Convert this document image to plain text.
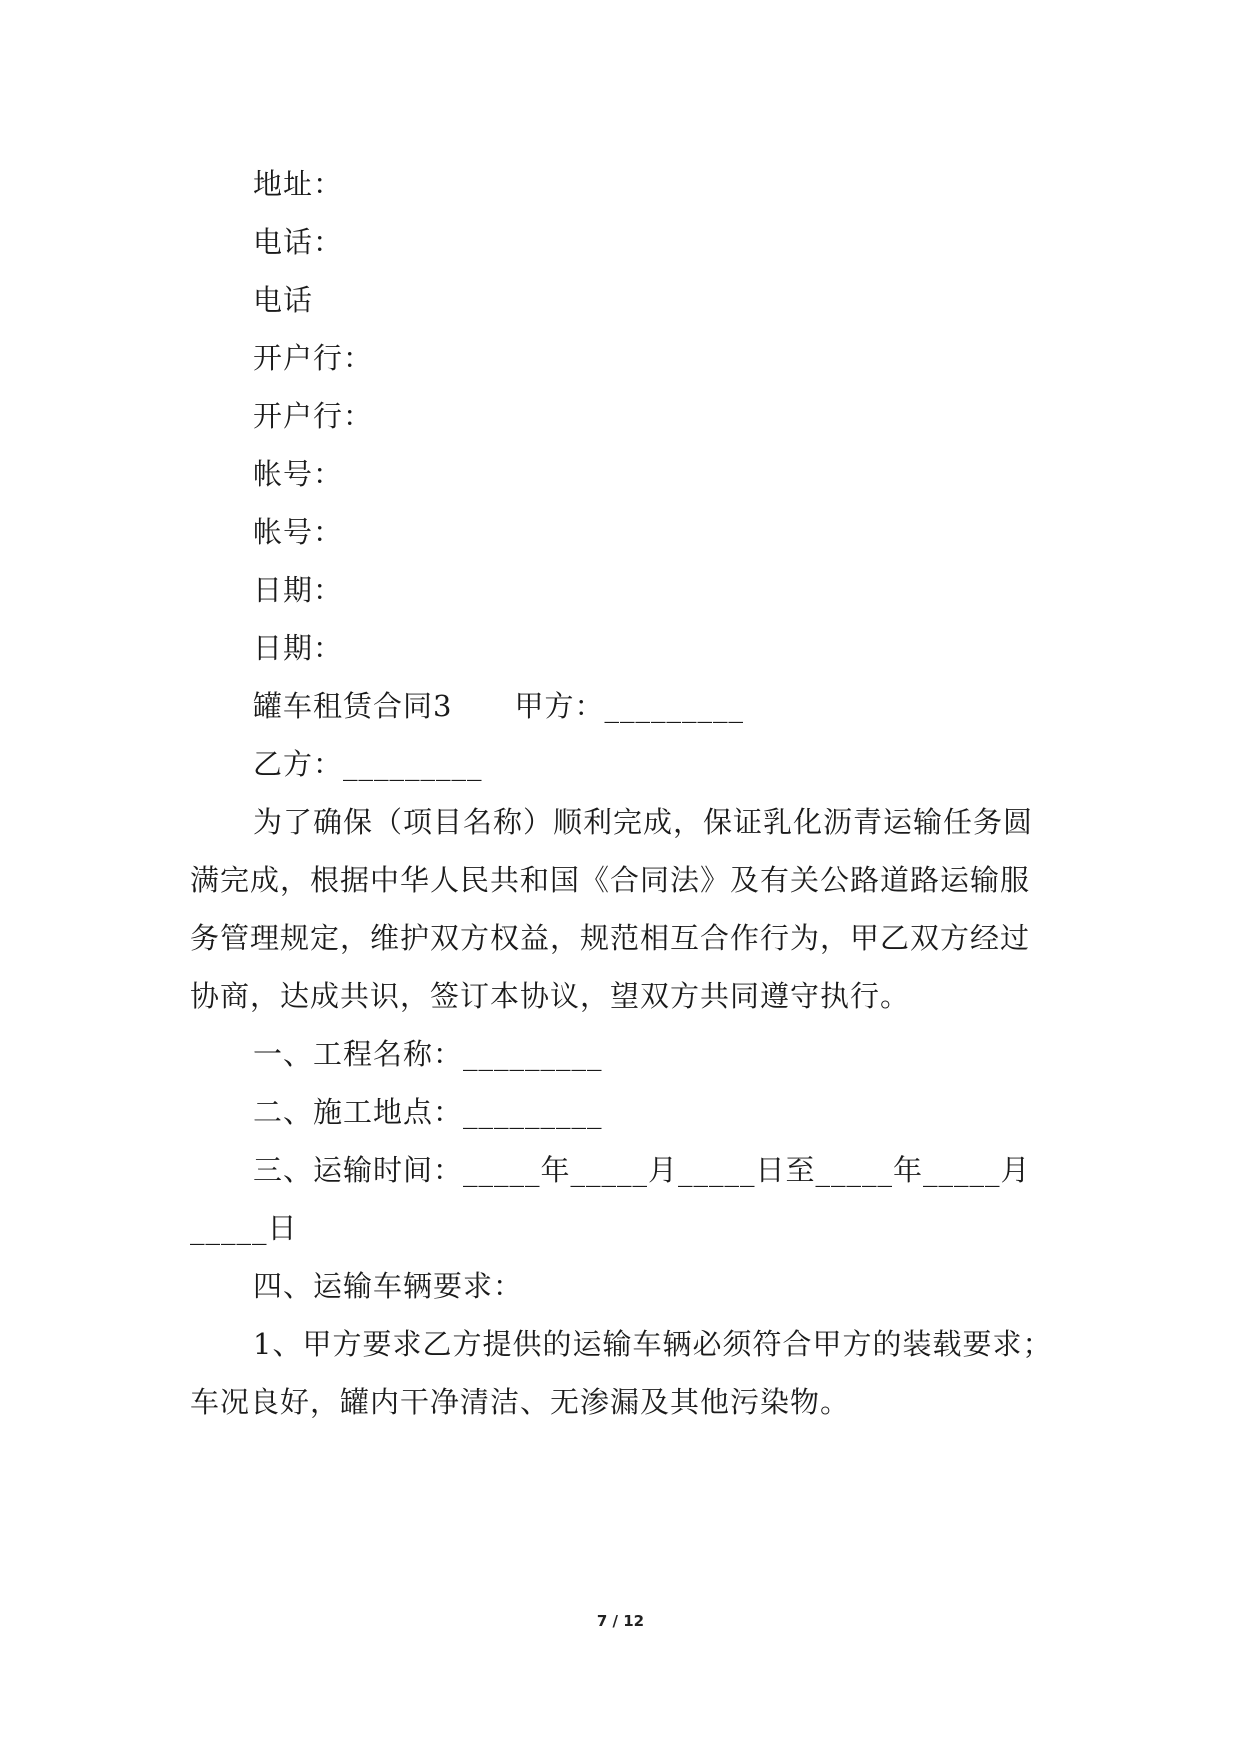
地址：
电话：
电话
开户行：
开户行：
帐号：
帐号：
日期：
日期：
罐车租赁合同3 甲方：_________
乙方：_________
为了确保（项目名称）顺利完成，保证乳化沥青运输任务圆
满完成，根据中华人民共和国《合同法》及有关公路道路运输服
务管理规定，维护双方权益，规范相互合作行为，甲乙双方经过
协商，达成共识，签订本协议，望双方共同遵守执行。
一、工程名称：_________
二、施工地点：_________
三、运输时间：_____年_____月_____日至_____年_____月
_____日
四、运输车辆要求：
1、甲方要求乙方提供的运输车辆必须符合甲方的装载要求；
车况良好，罐内干净清洁、无渗漏及其他污染物。
7 / 12
